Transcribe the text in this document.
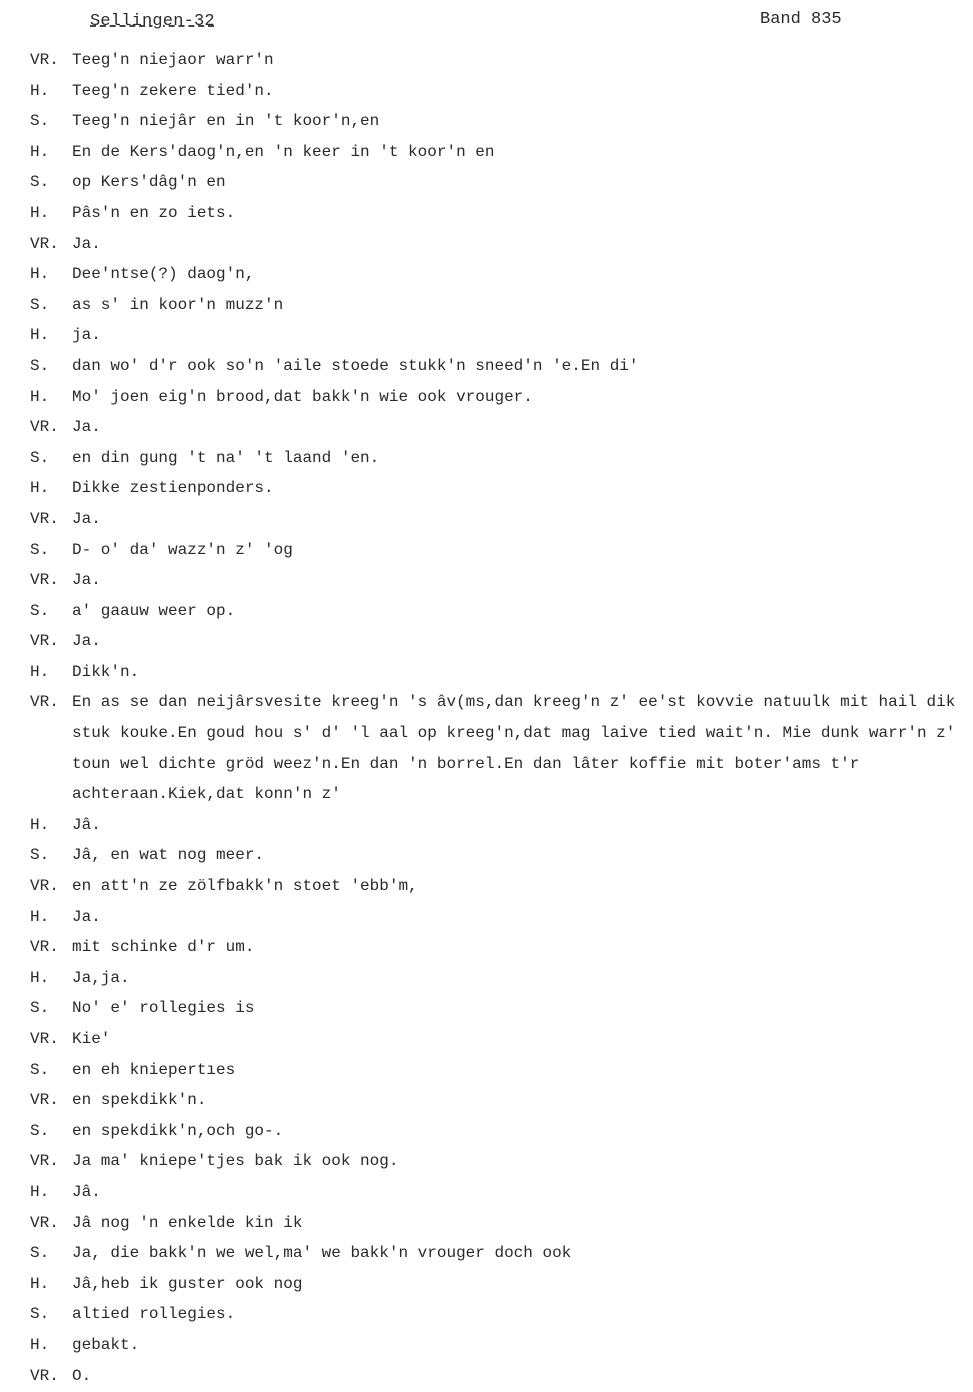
Sellingen-32	Band 835
VR. Teeg'n niejaor warr'n
H.	Teeg'n zekere tied'n.
S.	Teeg'n niejâr en in 't koor'n,en
H.	En de Kers'daog'n,en 'n keer in 't koor'n en
S.	op Kers'dâg'n en
H.	Pâs'n en zo iets.
VR. Ja.
H.	Dee'ntse(?) daog'n,
S.	as s' in koor'n muzz'n
H.	ja.
S.	dan wo' d'r ook so'n 'aile stoede stukk'n sneed'n 'e.En di'
H.	Mo' joen eig'n brood,dat bakk'n wie ook vrouger.
VR. Ja.
S.	en din gung 't na' 't laand 'en.
H.	Dikke zestienponders.
VR. Ja.
S.	D- o' da' wazz'n z' 'og
VR. Ja.
S.	a' gaauw weer op.
VR. Ja.
H.	Dikk'n.
VR. En as se dan neijârsvesite kreeg'n 's âv(ms,dan kreeg'n z' ee'st kovvie natuulk mit hail dik stuk kouke.En goud hou s' d' 'l aal op kreeg'n,dat mag laive tied wait'n. Mie dunk warr'n z' toun wel dichte gröd weez'n.En dan 'n borrel.En dan lâter koffie mit boter'ams t'r achteraan.Kiek,dat konn'n z'
H.	Jâ.
S.	Jâ, en wat nog meer.
VR. en att'n ze zölfbakk'n stoet 'ebb'm,
H.	Ja.
VR. mit schinke d'r um.
H.	Ja,ja.
S.	No' e' rollegies is
VR. Kie'
S.	en eh kniepertıes
VR. en spekdikk'n.
S.	en spekdikk'n,och go-.
VR. Ja ma' kniepe'tjes bak ik ook nog.
H.	Jâ.
VR. Jâ nog 'n enkelde kin ik
S.	Ja, die bakk'n we wel,ma' we bakk'n vrouger doch ook
H.	Jâ,heb ik guster ook nog
S.	altied rollegies.
H.	gebakt.
VR. O.
